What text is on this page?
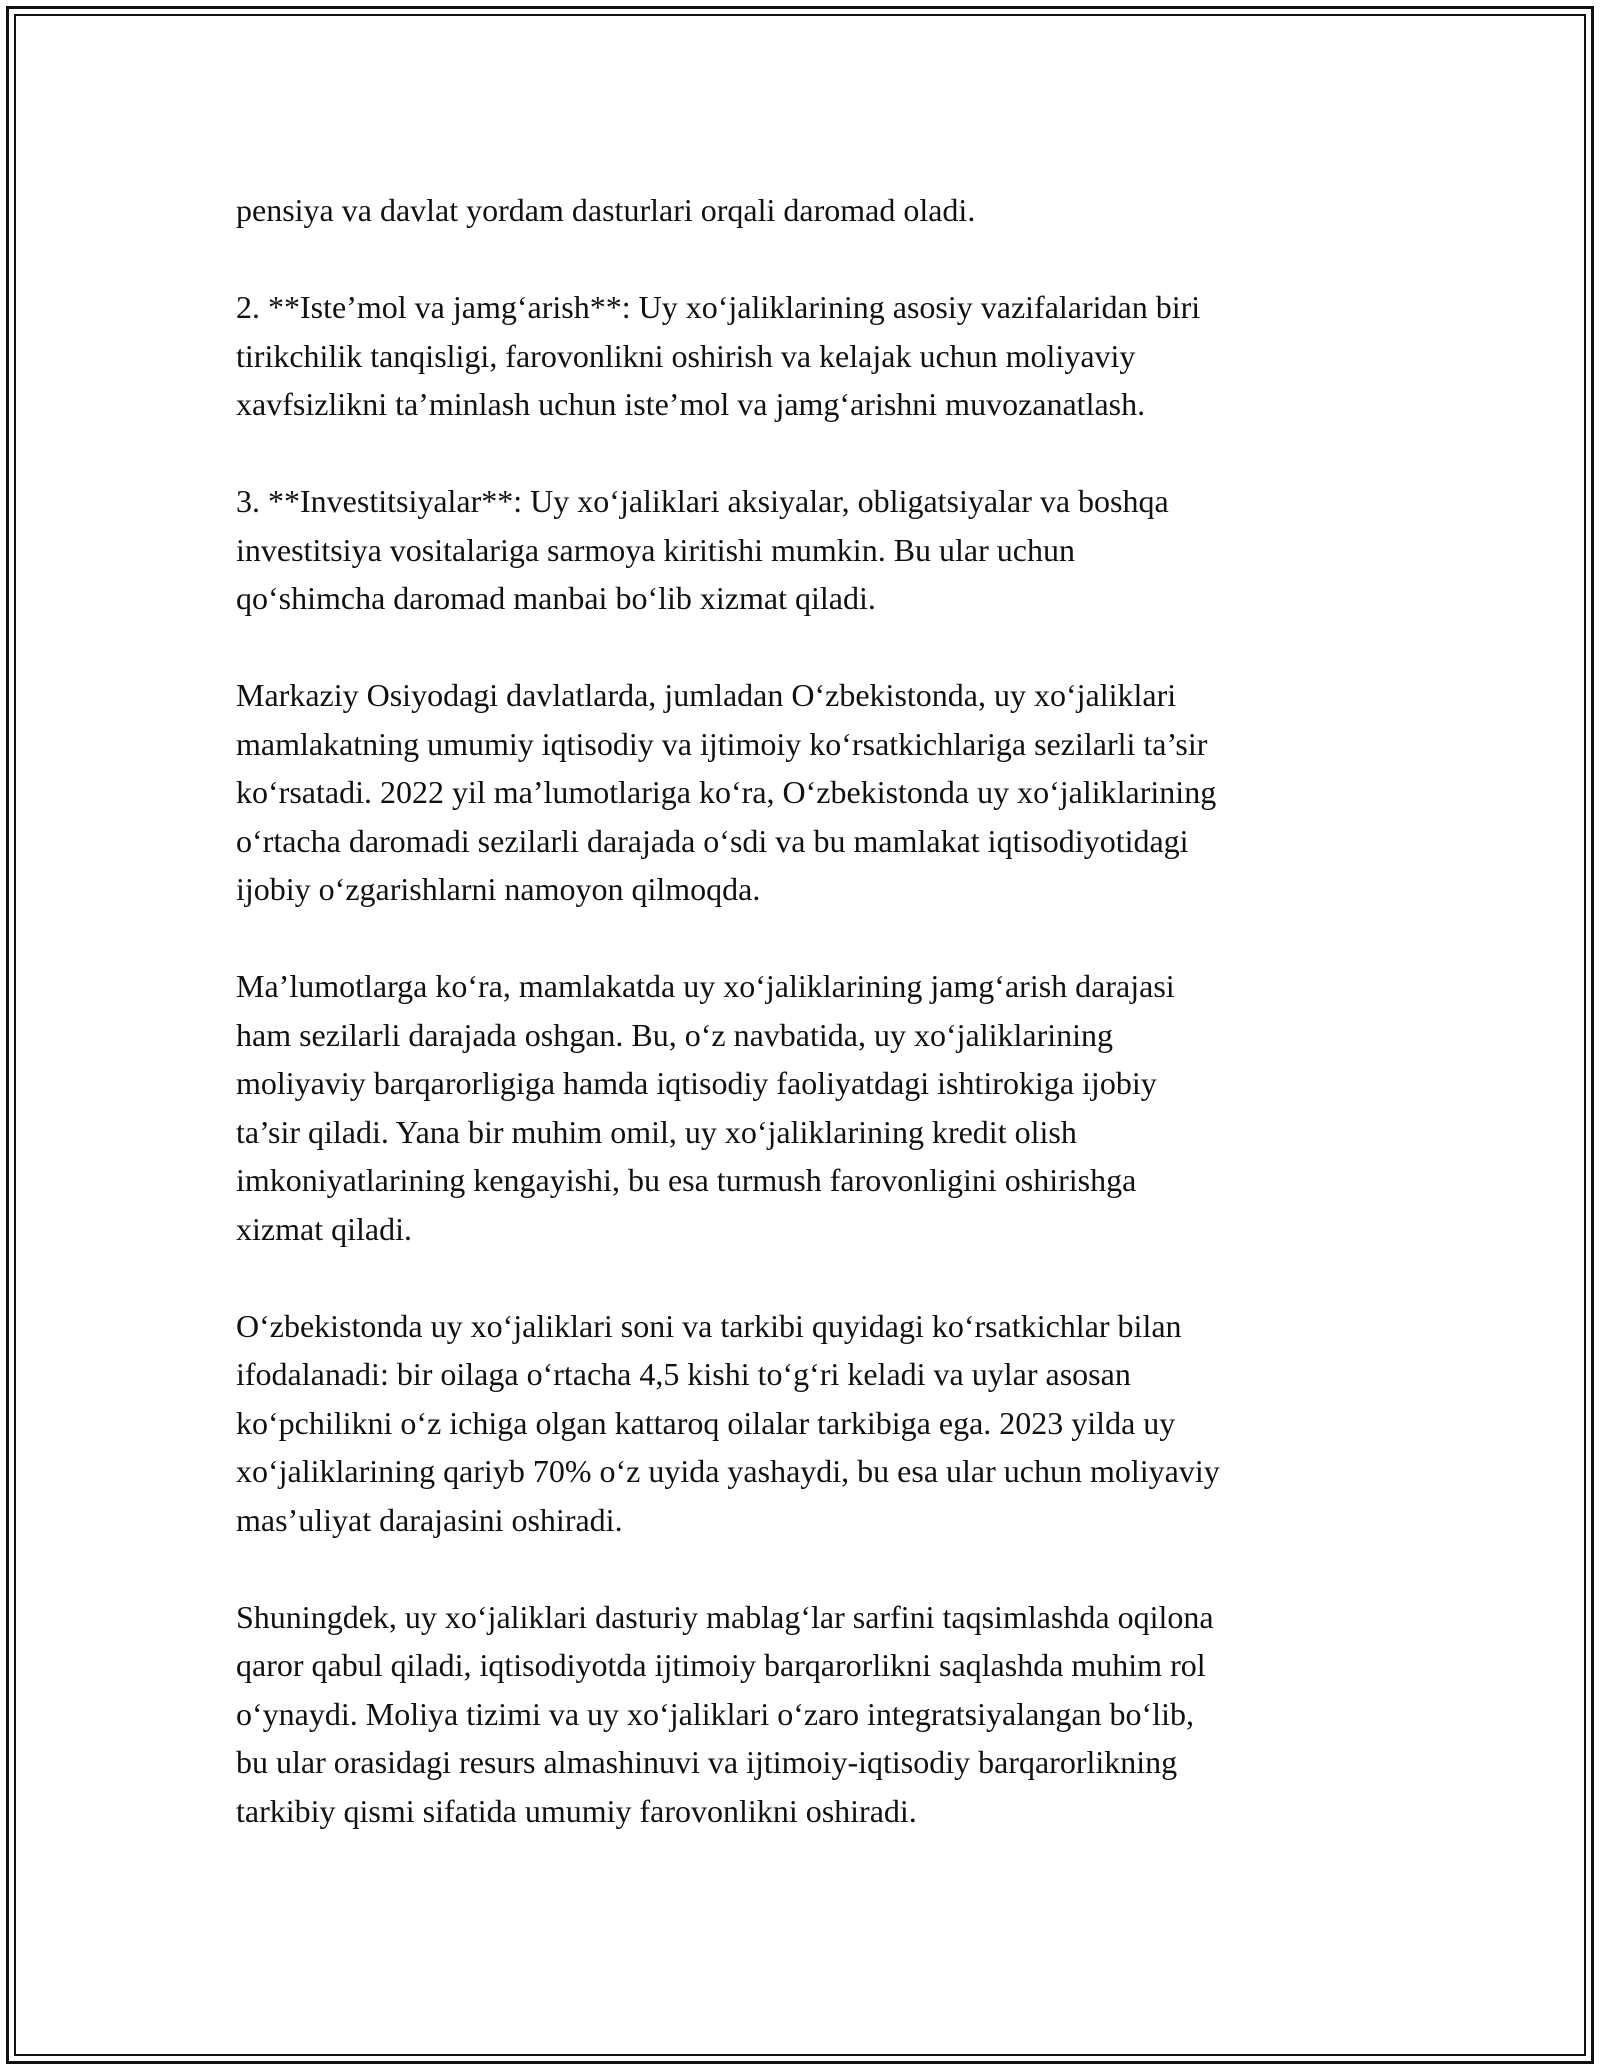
pensiya va davlat yordam dasturlari orqali daromad oladi.

2. **Iste’mol va jamg‘arish**: Uy xo‘jaliklarining asosiy vazifalaridan biri
tirikchilik tanqisligi, farovonlikni oshirish va kelajak uchun moliyaviy
xavfsizlikni ta’minlash uchun iste’mol va jamg‘arishni muvozanatlash.

3. **Investitsiyalar**: Uy xo‘jaliklari aksiyalar, obligatsiyalar va boshqa
investitsiya vositalariga sarmoya kiritishi mumkin. Bu ular uchun
qo‘shimcha daromad manbai bo‘lib xizmat qiladi.

Markaziy Osiyodagi davlatlarda, jumladan O‘zbekistonda, uy xo‘jaliklari
mamlakatning umumiy iqtisodiy va ijtimoiy ko‘rsatkichlariga sezilarli ta’sir
ko‘rsatadi. 2022 yil ma’lumotlariga ko‘ra, O‘zbekistonda uy xo‘jaliklarining
o‘rtacha daromadi sezilarli darajada o‘sdi va bu mamlakat iqtisodiyotidagi
ijobiy o‘zgarishlarni namoyon qilmoqda.

Ma’lumotlarga ko‘ra, mamlakatda uy xo‘jaliklarining jamg‘arish darajasi
ham sezilarli darajada oshgan. Bu, o‘z navbatida, uy xo‘jaliklarining
moliyaviy barqarorligiga hamda iqtisodiy faoliyatdagi ishtirokiga ijobiy
ta’sir qiladi. Yana bir muhim omil, uy xo‘jaliklarining kredit olish
imkoniyatlarining kengayishi, bu esa turmush farovonligini oshirishga
xizmat qiladi.

O‘zbekistonda uy xo‘jaliklari soni va tarkibi quyidagi ko‘rsatkichlar bilan
ifodalanadi: bir oilaga o‘rtacha 4,5 kishi to‘g‘ri keladi va uylar asosan
ko‘pchilikni o‘z ichiga olgan kattaroq oilalar tarkibiga ega. 2023 yilda uy
xo‘jaliklarining qariyb 70% o‘z uyida yashaydi, bu esa ular uchun moliyaviy
mas’uliyat darajasini oshiradi.

Shuningdek, uy xo‘jaliklari dasturiy mablag‘lar sarfini taqsimlashda oqilona
qaror qabul qiladi, iqtisodiyotda ijtimoiy barqarorlikni saqlashda muhim rol
o‘ynaydi. Moliya tizimi va uy xo‘jaliklari o‘zaro integratsiyalangan bo‘lib,
bu ular orasidagi resurs almashinuvi va ijtimoiy-iqtisodiy barqarorlikning
tarkibiy qismi sifatida umumiy farovonlikni oshiradi.
